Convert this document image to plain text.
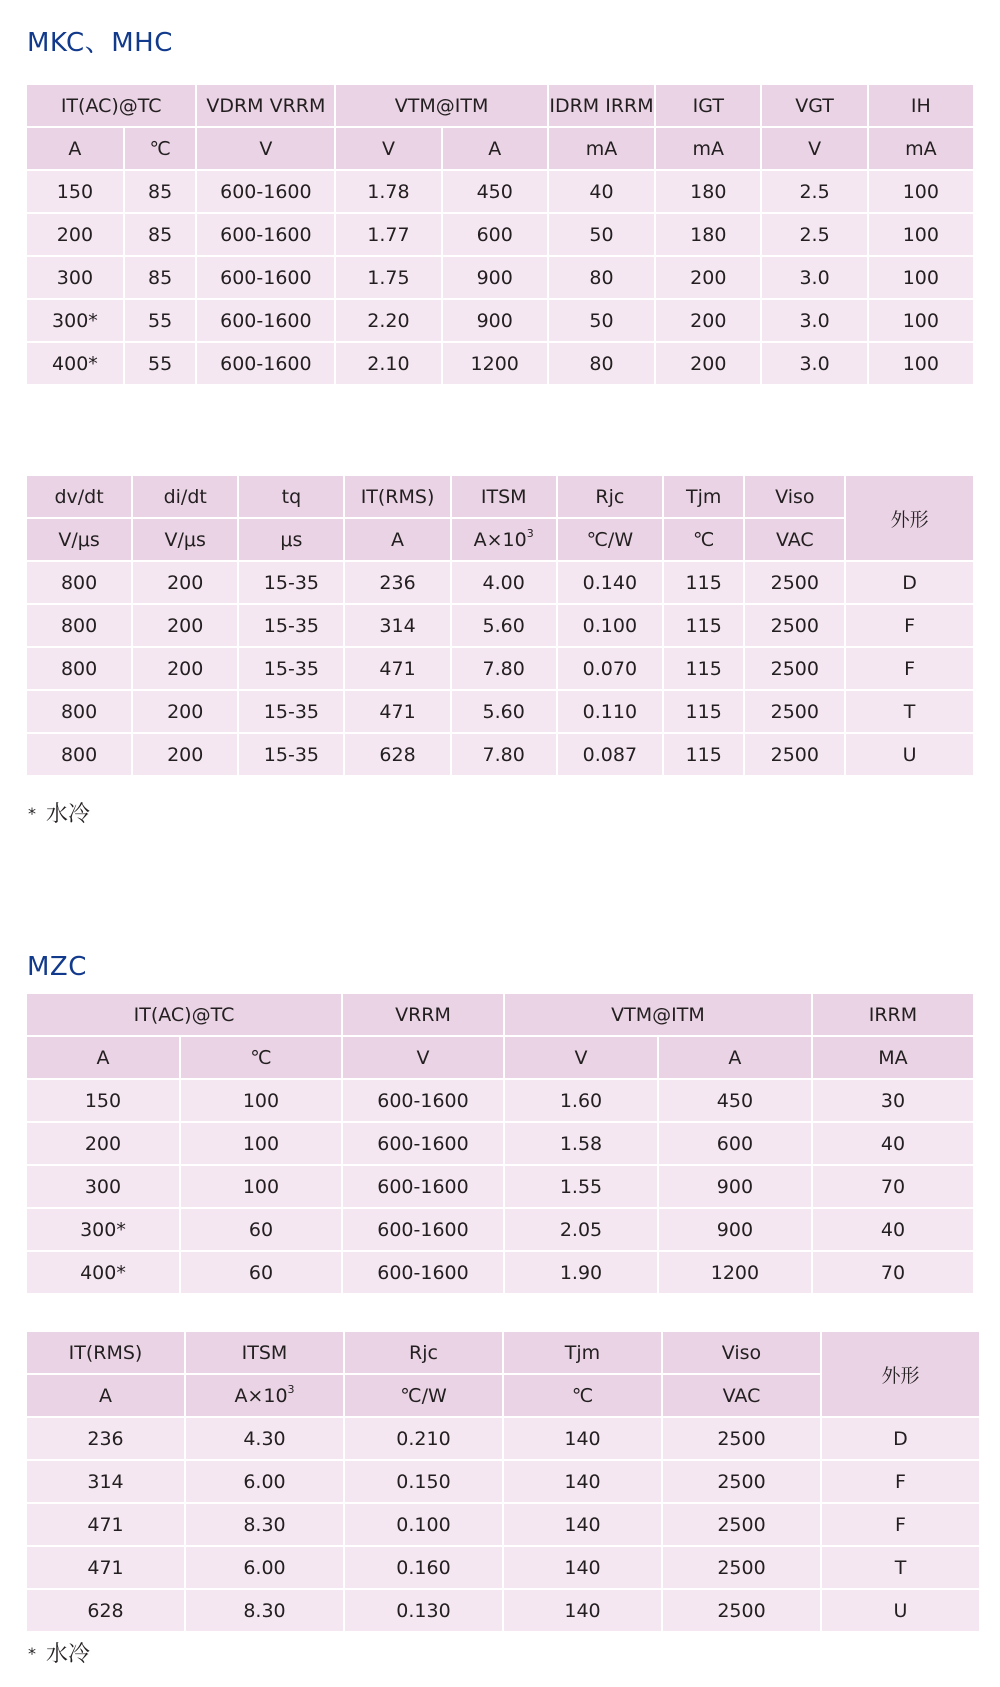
MKC、MHC
IT(AC)@TC		VDRM VRRM	VTM@ITM		IDRM IRRM	IGT	VGT	IH
A	℃	V	V	A	mA	mA	V	mA
150	85	600-1600	1.78	450	40	180	2.5	100
200	85	600-1600	1.77	600	50	180	2.5	100
300	85	600-1600	1.75	900	80	200	3.0	100
300*	55	600-1600	2.20	900	50	200	3.0	100
400*	55	600-1600	2.10	1200	80	200	3.0	100
dv/dt	di/dt	tq	IT(RMS)	ITSM	Rjc	Tjm	Viso	外形
V/μs	V/μs	μs	A	$A\times 10^3$	℃/W	℃	VAC	
800	200	15-35	236	4.00	0.140	115	2500	D
800	200	15-35	314	5.60	0.100	115	2500	F
800	200	15-35	471	7.80	0.070	115	2500	F
800	200	15-35	471	5.60	0.110	115	2500	T
800	200	15-35	628	7.80	0.087	115	2500	U
* 水冷
MZC
IT(AC)@TC		VRRM	VTM@ITM		IRRM
A	℃	V	V	A	MA
150	100	600-1600	1.60	450	30
200	100	600-1600	1.58	600	40
300	100	600-1600	1.55	900	70
300*	60	600-1600	2.05	900	40
400*	60	600-1600	1.90	1200	70
IT(RMS)	ITSM	Rjc	Tjm	Viso	外形
A	$A\times 10^3$	℃/W	℃	VAC	
236	4.30	0.210	140	2500	D
314	6.00	0.150	140	2500	F
471	8.30	0.100	140	2500	F
471	6.00	0.160	140	2500	T
628	8.30	0.130	140	2500	U
* 水冷
